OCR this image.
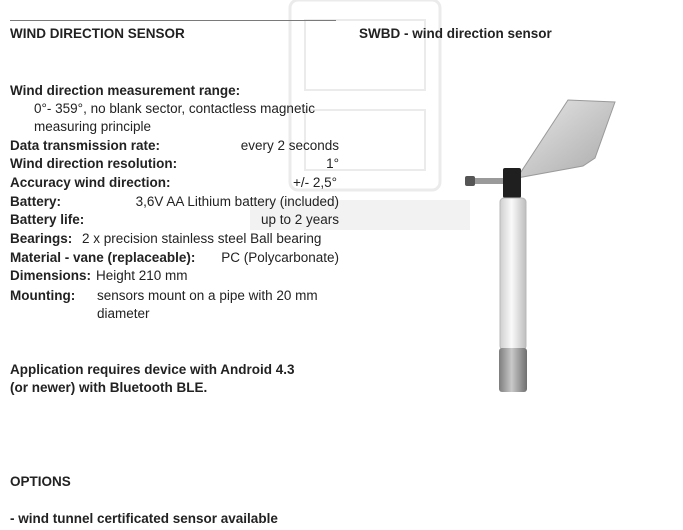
WIND DIRECTION SENSOR	SWBD - wind direction sensor
Wind direction measurement range:
0°- 359°, no blank sector, contactless magnetic
measuring principle
Data transmission rate:	every 2 seconds
Wind direction resolution:	1°
Accuracy wind direction:	+/- 2,5°
Battery:	3,6V AA Lithium battery (included)
Battery life:	up to 2 years
Bearings: 2 x precision stainless steel Ball bearing
Material - vane (replaceable): PC (Polycarbonate)
Dimensions: Height 210 mm
Mounting: sensors mount on a pipe with 20 mm
diameter
Application requires device with Android 4.3
(or newer) with Bluetooth BLE.
OPTIONS
- wind tunnel certificated sensor available
